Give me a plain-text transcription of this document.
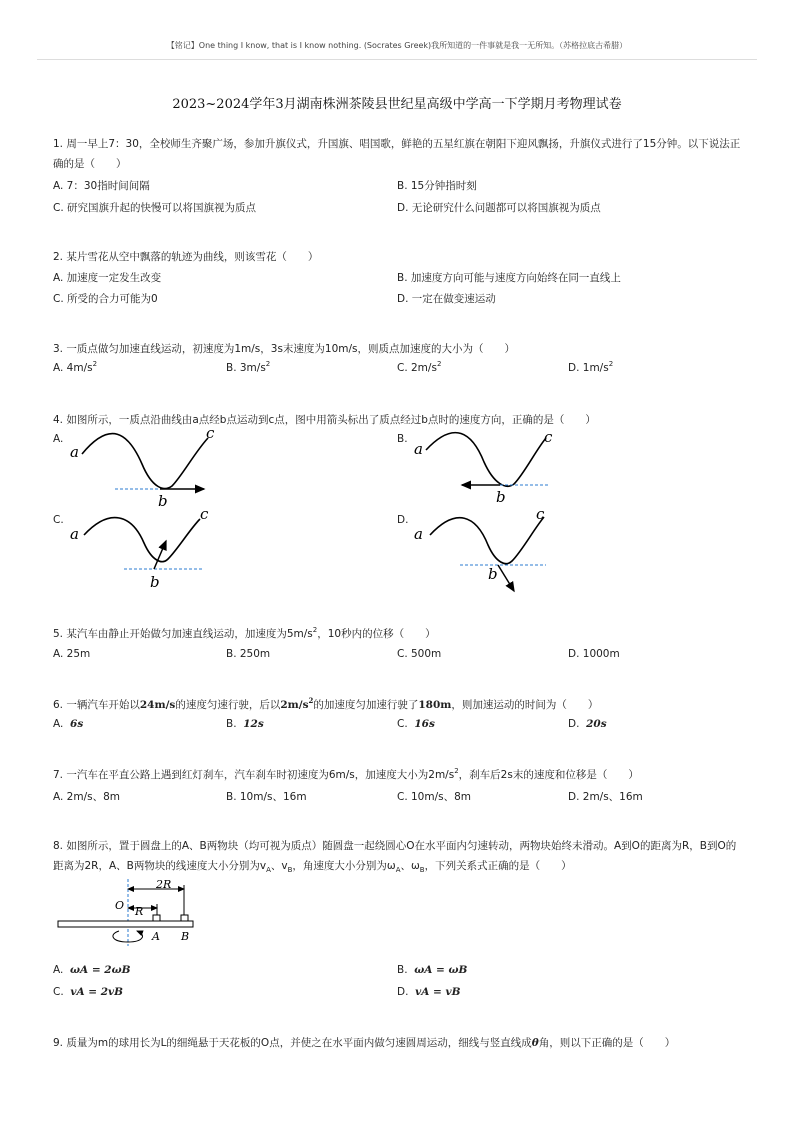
【铭记】One thing I know, that is I know nothing. (Socrates Greek)我所知道的一件事就是我一无所知。（苏格拉底古希腊）
2023~2024学年3月湖南株洲茶陵县世纪星高级中学高一下学期月考物理试卷
1. 周一早上7：30，全校师生齐聚广场，参加升旗仪式，升国旗、唱国歌，鲜艳的五星红旗在朝阳下迎风飘扬，升旗仪式进行了15分钟。以下说法正
确的是（　　）
A. 7：30指时间间隔	B. 15分钟指时刻
C. 研究国旗升起的快慢可以将国旗视为质点	D. 无论研究什么问题都可以将国旗视为质点
2. 某片雪花从空中飘落的轨迹为曲线，则该雪花（　　）
A. 加速度一定发生改变	B. 加速度方向可能与速度方向始终在同一直线上
C. 所受的合力可能为0	D. 一定在做变速运动
3. 一质点做匀加速直线运动，初速度为1m/s，3s末速度为10m/s，则质点加速度的大小为（　　）
A. $4m/s^2$	B. $3m/s^2$	C. $2m/s^2$	D. $1m/s^2$
4. 如图所示，一质点沿曲线由a点经b点运动到c点，图中用箭头标出了质点经过b点时的速度方向，正确的是（　　）
A.	B.
C.	D.
a
b
c
a
b
c
a
b
c
a
b
c
5. 某汽车由静止开始做匀加速直线运动，加速度为$5m/s^2$，10秒内的位移（　　）
A. 25m	B. 250m	C. 500m	D. 1000m
6. 一辆汽车开始以24m/s的速度匀速行驶，后以$2m/s^2$的加速度匀加速行驶了180m，则加速运动的时间为（　　）
A. 6s	B. 12s	C. 16s	D. 20s
7. 一汽车在平直公路上遇到红灯刹车，汽车刹车时初速度为6m/s，加速度大小为$2m/s^2$，刹车后2s末的速度和位移是（　　）
A. 2m/s、8m	B. 10m/s、16m	C. 10m/s、8m	D. 2m/s、16m
8. 如图所示，置于圆盘上的A、B两物块（均可视为质点）随圆盘一起绕圆心O在水平面内匀速转动，两物块始终未滑动。A到O的距离为R，B到O的
距离为2R，A、B两物块的线速度大小分别为$v_A$、$v_B$，角速度大小分别为$\omega_A$、$\omega_B$，下列关系式正确的是（　　）
2R
R
O
A B
A. ωA = 2ωB	B. ωA = ωB
C. vA = 2vB	D. vA = vB
9. 质量为m的球用长为L的细绳悬于天花板的O点，并使之在水平面内做匀速圆周运动，细线与竖直线成θ角，则以下正确的是（　　）
